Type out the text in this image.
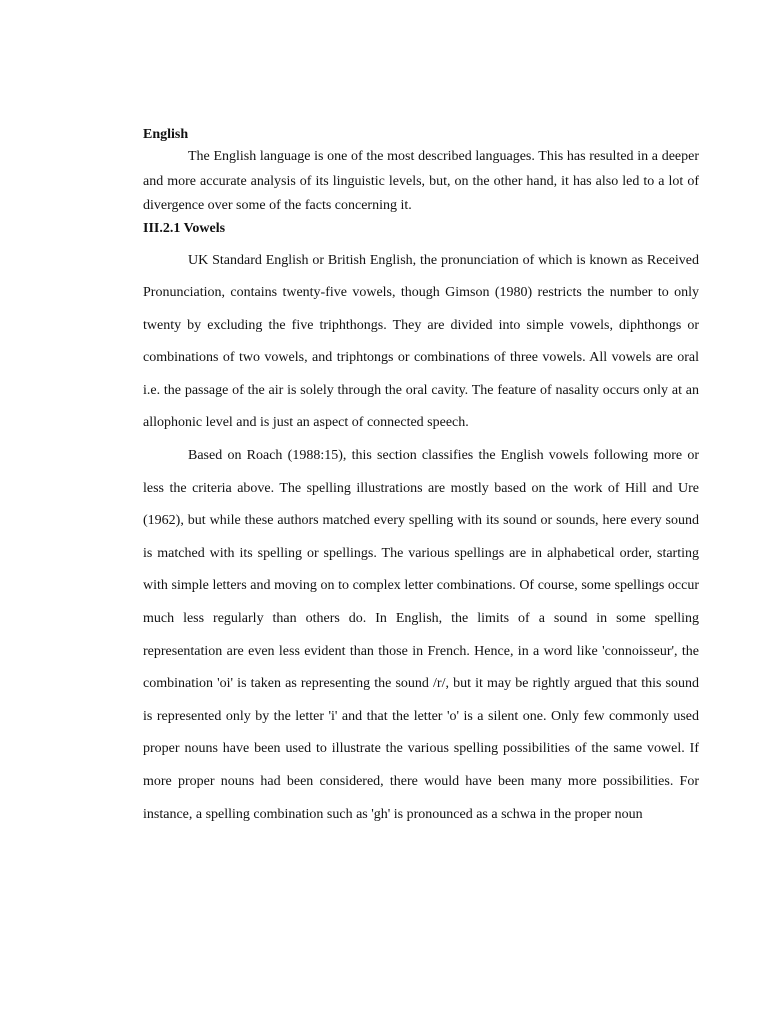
English

The English language is one of the most described languages. This has resulted in a deeper and more accurate analysis of its linguistic levels, but, on the other hand, it has also led to a lot of divergence over some of the facts concerning it.

III.2.1 Vowels

UK Standard English or British English, the pronunciation of which is known as Received Pronunciation, contains twenty-five vowels, though Gimson (1980) restricts the number to only twenty by excluding the five triphthongs. They are divided into simple vowels, diphthongs or combinations of two vowels, and triphtongs or combinations of three vowels. All vowels are oral i.e. the passage of the air is solely through the oral cavity. The feature of nasality occurs only at an allophonic level and is just an aspect of connected speech.

Based on Roach (1988:15), this section classifies the English vowels following more or less the criteria above. The spelling illustrations are mostly based on the work of Hill and Ure (1962), but while these authors matched every spelling with its sound or sounds, here every sound is matched with its spelling or spellings. The various spellings are in alphabetical order, starting with simple letters and moving on to complex letter combinations. Of course, some spellings occur much less regularly than others do. In English, the limits of a sound in some spelling representation are even less evident than those in French. Hence, in a word like 'connoisseur', the combination 'oi' is taken as representing the sound /r/, but it may be rightly argued that this sound is represented only by the letter 'i' and that the letter 'o' is a silent one. Only few commonly used proper nouns have been used to illustrate the various spelling possibilities of the same vowel. If more proper nouns had been considered, there would have been many more possibilities. For instance, a spelling combination such as 'gh' is pronounced as a schwa in the proper noun
